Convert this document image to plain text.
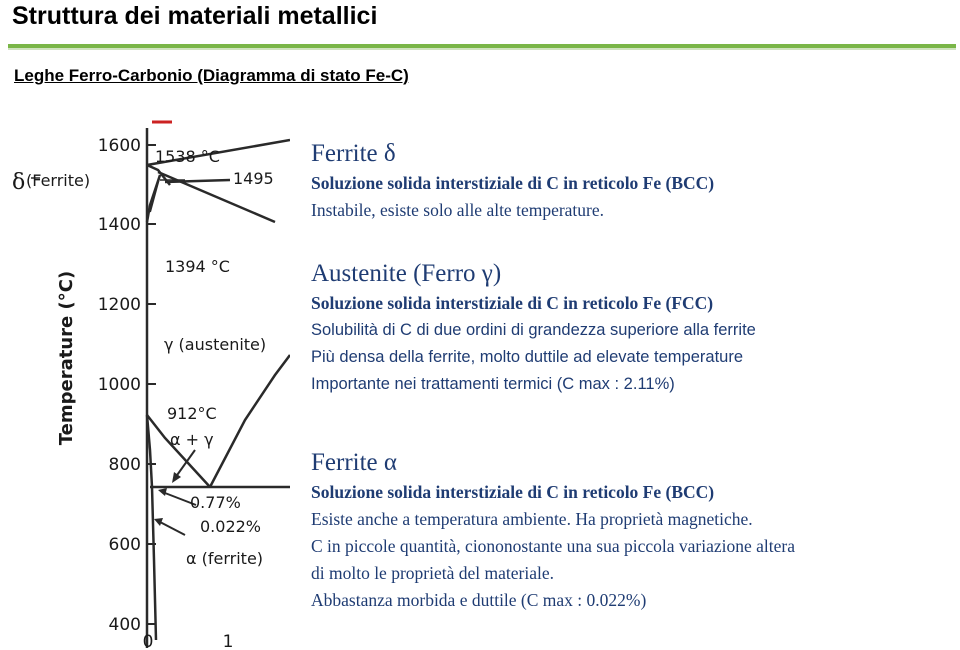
Struttura dei materiali metallici
Leghe Ferro-Carbonio (Diagramma di stato Fe-C)
1600
1400
1200
1000
800
600
400
0	1
Temperature (°C)
1538 °C
1495
1394 °C
γ (austenite)
912°C
α + γ
0.77%
0.022%
α (ferrite)
δ (Ferrite)
Ferrite δ
Soluzione solida interstiziale di C in reticolo Fe (BCC)
Instabile, esiste solo alle alte temperature.
Austenite (Ferro γ)
Soluzione solida interstiziale di C in reticolo Fe (FCC)
Solubilità di C di due ordini di grandezza superiore alla ferrite
Più densa della ferrite, molto duttile ad elevate temperature
Importante nei trattamenti termici (C max : 2.11%)
Ferrite α
Soluzione solida interstiziale di C in reticolo Fe (BCC)
Esiste anche a temperatura ambiente. Ha proprietà magnetiche.
C in piccole quantità, ciononostante una sua piccola variazione altera
di molto le proprietà del materiale.
Abbastanza morbida e duttile (C max : 0.022%)
